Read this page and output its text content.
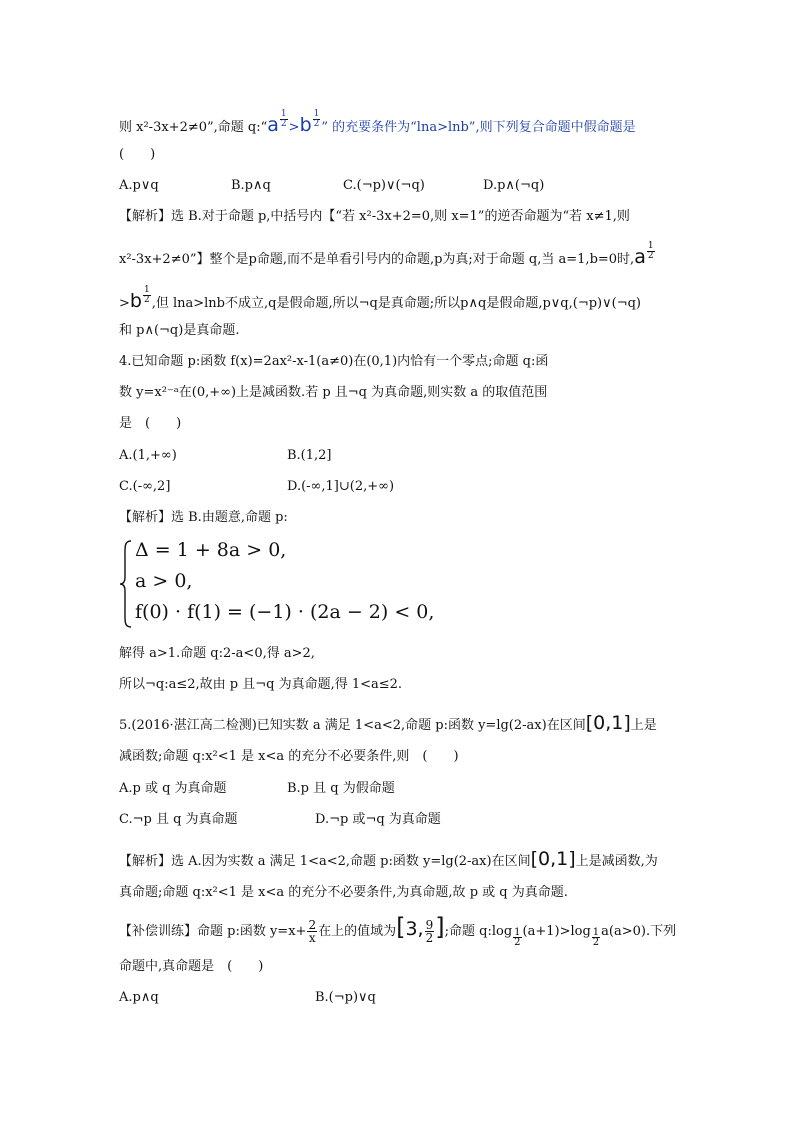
则 x²-3x+2≠0”,命题 q:“a $\frac{1}{2} >b \frac{1}{2}$ ” 的充要条件为“lna>lnb”,则下列复合命题中假命题是
(　　)
A.p∨q	B.p∧q	C.(¬p)∨(¬q)	D.p∧(¬q)
【解析】选 B.对于命题 p,中括号内【“若 x²-3x+2=0,则 x=1”的逆否命题为“若 x≠1,则
x²-3x+2≠0”】整个是p命题,而不是单看引号内的命题,p为真;对于命题 q,当 a=1,b=0时$,a \frac{1}{2}$
$>b \frac{1}{2}$ ,但 lna>lnb不成立,q是假命题,所以¬q是真命题;所以p∧q是假命题,p∨q,(¬p)∨(¬q)
和 p∧(¬q)是真命题.
4.已知命题 p:函数 f(x)=2ax²-x-1(a≠0)在(0,1)内恰有一个零点;命题 q:函
数 y=x²⁻ᵃ在(0,+∞)上是减函数.若 p 且¬q 为真命题,则实数 a 的取值范围
是　(　　)
A.(1,+∞)	B.(1,2]
C.(-∞,2]	D.(-∞,1]∪(2,+∞)
【解析】选 B.由题意,命题 p:
Δ = 1 + 8a > 0,
a > 0,
f(0) · f(1) = (−1) · (2a − 2) < 0,
解得 a>1.命题 q:2-a<0,得 a>2,
所以¬q:a≤2,故由 p 且¬q 为真命题,得 1<a≤2.
5.(2016·湛江高二检测)已知实数 a 满足 1<a<2,命题 p:函数 y=lg(2-ax)在区间[0,1]上是
减函数;命题 q:x²<1 是 x<a 的充分不必要条件,则　(　　)
A.p 或 q 为真命题	B.p 且 q 为假命题
C.¬p 且 q 为真命题	D.¬p 或¬q 为真命题
【解析】选 A.因为实数 a 满足 1<a<2,命题 p:函数 y=lg(2-ax)在区间[0,1]上是减函数,为
真命题;命题 q:x²<1 是 x<a 的充分不必要条件,为真命题,故 p 或 q 为真命题.
【补偿训练】命题 p:函数 $y=x+ \frac{2}{x}$ 在上的值域为[3, $\frac{9}{2}$ ];命题 q:log $\frac{1}{2} (a+1)>\log \frac{1}{2} a(a>0)$.下列
命题中,真命题是　(　　)
A.p∧q	B.(¬p)∨q
